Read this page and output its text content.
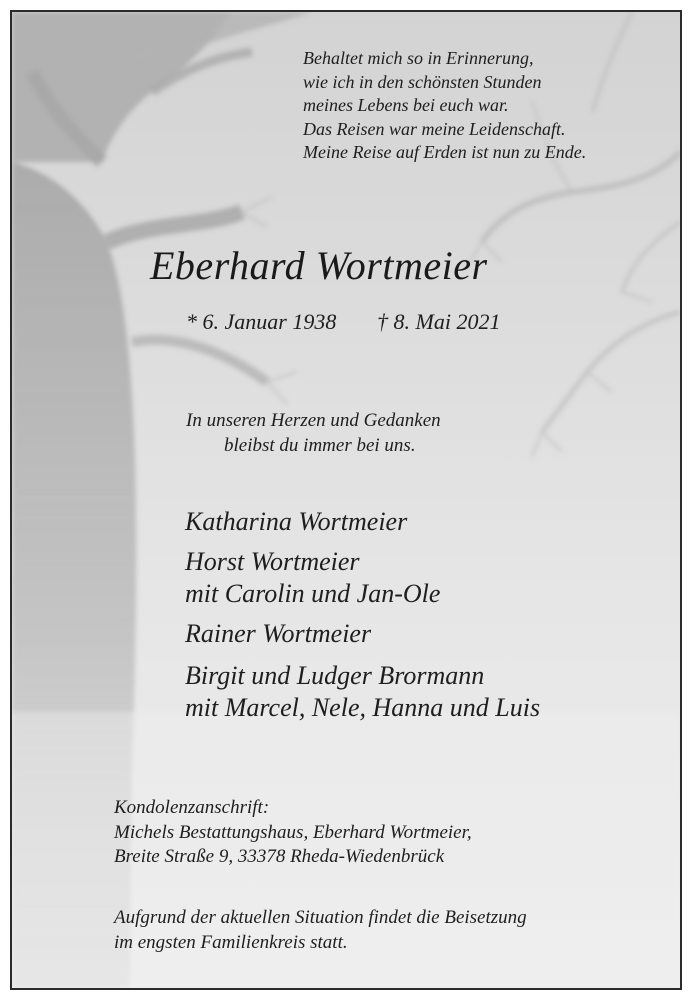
Behaltet mich so in Erinnerung,
wie ich in den schönsten Stunden
meines Lebens bei euch war.
Das Reisen war meine Leidenschaft.
Meine Reise auf Erden ist nun zu Ende.

Eberhard Wortmeier

* 6. Januar 1938 † 8. Mai 2021

In unseren Herzen und Gedanken

bleibst du immer bei uns.

Katharina Wortmeier

Horst Wortmeier

mit Carolin und Jan-Ole

Rainer Wortmeier

Birgit und Ludger Brormann

mit Marcel, Nele, Hanna und Luis

Kondolenzanschrift:
Michels Bestattungshaus, Eberhard Wortmeier,
Breite Straße 9, 33378 Rheda-Wiedenbrück

Aufgrund der aktuellen Situation findet die Beisetzung
im engsten Familienkreis statt.
